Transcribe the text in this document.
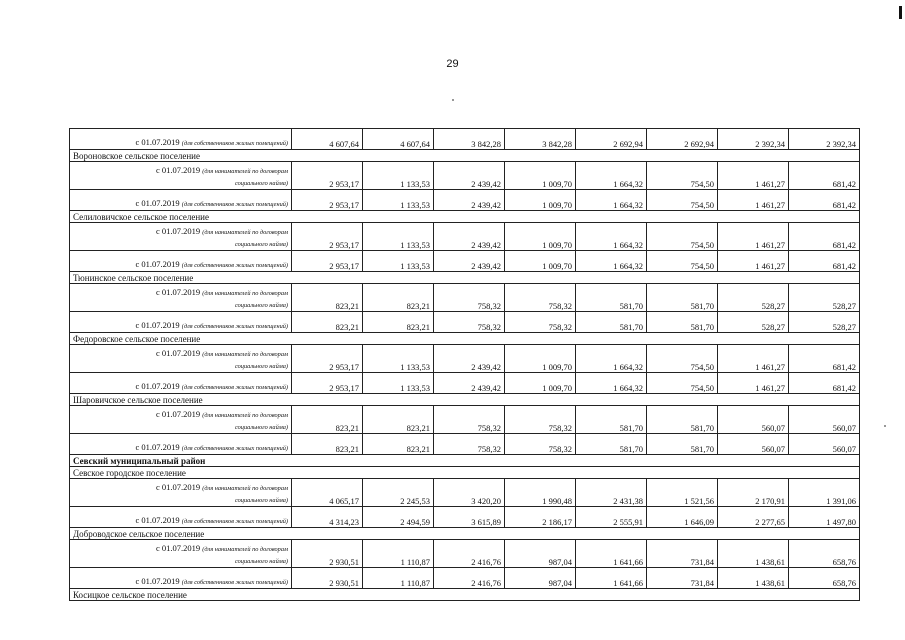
29
с 01.07.2019 (для собственников жилых помещений)	4 607,64	4 607,64	3 842,28	3 842,28	2 692,94	2 692,94	2 392,34	2 392,34
Вороновское сельское поселение								
с 01.07.2019 (для нанимателей по договорам
социального найма)	2 953,17	1 133,53	2 439,42	1 009,70	1 664,32	754,50	1 461,27	681,42
с 01.07.2019 (для собственников жилых помещений)	2 953,17	1 133,53	2 439,42	1 009,70	1 664,32	754,50	1 461,27	681,42
Селиловичское сельское поселение								
с 01.07.2019 (для нанимателей по договорам
социального найма)	2 953,17	1 133,53	2 439,42	1 009,70	1 664,32	754,50	1 461,27	681,42
с 01.07.2019 (для собственников жилых помещений)	2 953,17	1 133,53	2 439,42	1 009,70	1 664,32	754,50	1 461,27	681,42
Тюнинское сельское поселение								
с 01.07.2019 (для нанимателей по договорам
социального найма)	823,21	823,21	758,32	758,32	581,70	581,70	528,27	528,27
с 01.07.2019 (для собственников жилых помещений)	823,21	823,21	758,32	758,32	581,70	581,70	528,27	528,27
Федоровское сельское поселение								
с 01.07.2019 (для нанимателей по договорам
социального найма)	2 953,17	1 133,53	2 439,42	1 009,70	1 664,32	754,50	1 461,27	681,42
с 01.07.2019 (для собственников жилых помещений)	2 953,17	1 133,53	2 439,42	1 009,70	1 664,32	754,50	1 461,27	681,42
Шаровичское сельское поселение								
с 01.07.2019 (для нанимателей по договорам
социального найма)	823,21	823,21	758,32	758,32	581,70	581,70	560,07	560,07
с 01.07.2019 (для собственников жилых помещений)	823,21	823,21	758,32	758,32	581,70	581,70	560,07	560,07
Севский муниципальный район								
Севское городское поселение								
с 01.07.2019 (для нанимателей по договорам
социального найма)	4 065,17	2 245,53	3 420,20	1 990,48	2 431,38	1 521,56	2 170,91	1 391,06
с 01.07.2019 (для собственников жилых помещений)	4 314,23	2 494,59	3 615,89	2 186,17	2 555,91	1 646,09	2 277,65	1 497,80
Доброводское сельское поселение								
с 01.07.2019 (для нанимателей по договорам
социального найма)	2 930,51	1 110,87	2 416,76	987,04	1 641,66	731,84	1 438,61	658,76
с 01.07.2019 (для собственников жилых помещений)	2 930,51	1 110,87	2 416,76	987,04	1 641,66	731,84	1 438,61	658,76
Косицкое сельское поселение								
